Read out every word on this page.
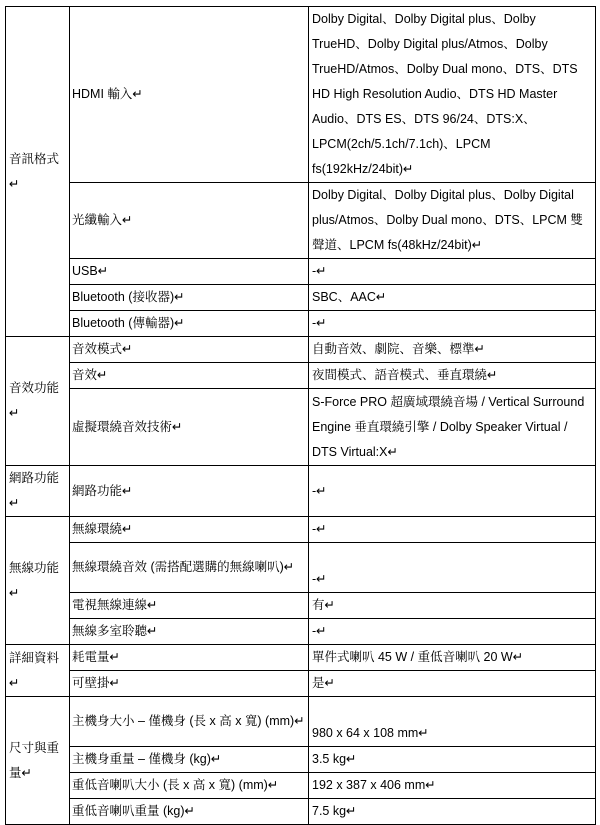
音訊格式↵	HDMI 輸入↵	Dolby Digital、Dolby Digital plus、Dolby TrueHD、Dolby Digital plus/Atmos、Dolby TrueHD/Atmos、Dolby Dual mono、DTS、DTS HD High Resolution Audio、DTS HD Master Audio、DTS ES、DTS 96/24、DTS:X、LPCM(2ch/5.1ch/7.1ch)、LPCM fs(192kHz/24bit)↵
	光纖輸入↵	Dolby Digital、Dolby Digital plus、Dolby Digital plus/Atmos、Dolby Dual mono、DTS、LPCM 雙聲道、LPCM fs(48kHz/24bit)↵
	USB↵	-↵
	Bluetooth (接收器)↵	SBC、AAC↵
	Bluetooth (傳輸器)↵	-↵
音效功能↵	音效模式↵	自動音效、劇院、音樂、標準↵
	音效↵	夜間模式、語音模式、垂直環繞↵
	虛擬環繞音效技術↵	S-Force PRO 超廣域環繞音場 / Vertical Surround Engine 垂直環繞引擎 / Dolby Speaker Virtual / DTS Virtual:X↵
網路功能↵	網路功能↵	-↵
無線功能↵	無線環繞↵	-↵
	無線環繞音效 (需搭配選購的無線喇叭)↵	-↵
	電視無線連線↵	有↵
	無線多室聆聽↵	-↵
詳細資料↵	耗電量↵	單件式喇叭 45 W / 重低音喇叭 20 W↵
	可壁掛↵	是↵
尺寸與重量↵	主機身大小 – 僅機身 (長 x 高 x 寬) (mm)↵	980 x 64 x 108 mm↵
	主機身重量 – 僅機身 (kg)↵	3.5 kg↵
	重低音喇叭大小 (長 x 高 x 寬) (mm)↵	192 x 387 x 406 mm↵
	重低音喇叭重量 (kg)↵	7.5 kg↵
